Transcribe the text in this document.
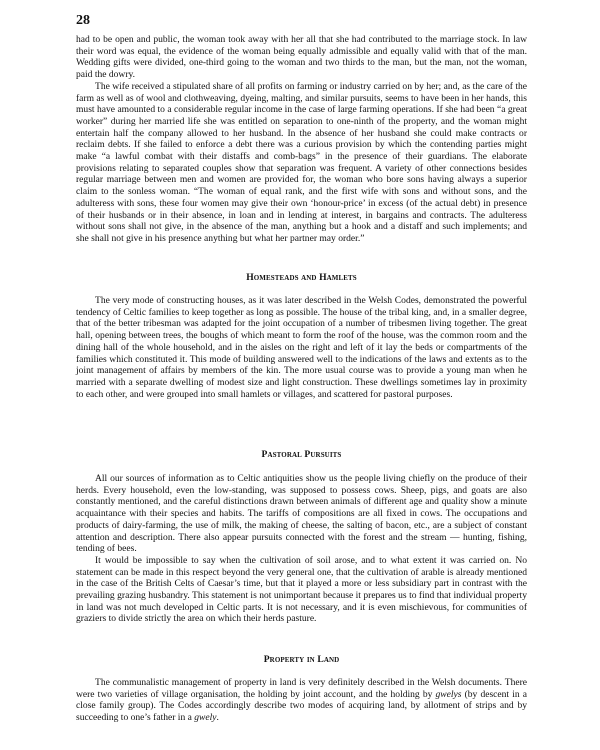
28

had to be open and public, the woman took away with her all that she had contributed to the marriage stock. In law their word was equal, the evidence of the woman being equally admissible and equally valid with that of the man. Wedding gifts were divided, one-third going to the woman and two thirds to the man, but the man, not the woman, paid the dowry.

The wife received a stipulated share of all profits on farming or industry carried on by her; and, as the care of the farm as well as of wool and clothweaving, dyeing, malting, and similar pursuits, seems to have been in her hands, this must have amounted to a considerable regular income in the case of large farming operations. If she had been “a great worker” during her married life she was entitled on separation to one-ninth of the property, and the woman might entertain half the company allowed to her husband. In the absence of her husband she could make contracts or reclaim debts. If she failed to enforce a debt there was a curious provision by which the contending parties might make “a lawful combat with their distaffs and comb-bags” in the presence of their guardians. The elaborate provisions relating to separated couples show that separation was frequent. A variety of other connections besides regular marriage between men and women are provided for, the woman who bore sons having always a superior claim to the sonless woman. “The woman of equal rank, and the first wife with sons and without sons, and the adulteress with sons, these four women may give their own ‘honour-price’ in excess (of the actual debt) in presence of their husbands or in their absence, in loan and in lending at interest, in bargains and contracts. The adulteress without sons shall not give, in the absence of the man, anything but a hook and a distaff and such implements; and she shall not give in his presence anything but what her partner may order.”

Homesteads and Hamlets

The very mode of constructing houses, as it was later described in the Welsh Codes, demonstrated the powerful tendency of Celtic families to keep together as long as possible. The house of the tribal king, and, in a smaller degree, that of the better tribesman was adapted for the joint occupation of a number of tribesmen living together. The great hall, opening between trees, the boughs of which meant to form the roof of the house, was the common room and the dining hall of the whole household, and in the aisles on the right and left of it lay the beds or compartments of the families which constituted it. This mode of building answered well to the indications of the laws and extents as to the joint management of affairs by members of the kin. The more usual course was to provide a young man when he married with a separate dwelling of modest size and light construction. These dwellings sometimes lay in proximity to each other, and were grouped into small hamlets or villages, and scattered for pastoral purposes.

Pastoral Pursuits

All our sources of information as to Celtic antiquities show us the people living chiefly on the produce of their herds. Every household, even the low-standing, was supposed to possess cows. Sheep, pigs, and goats are also constantly mentioned, and the careful distinctions drawn between animals of different age and quality show a minute acquaintance with their species and habits. The tariffs of compositions are all fixed in cows. The occupations and products of dairy-farming, the use of milk, the making of cheese, the salting of bacon, etc., are a subject of constant attention and description. There also appear pursuits connected with the forest and the stream — hunting, fishing, tending of bees.

It would be impossible to say when the cultivation of soil arose, and to what extent it was carried on. No statement can be made in this respect beyond the very general one, that the cultivation of arable is already mentioned in the case of the British Celts of Caesar’s time, but that it played a more or less subsidiary part in contrast with the prevailing grazing husbandry. This statement is not unimportant because it prepares us to find that individual property in land was not much developed in Celtic parts. It is not necessary, and it is even mischievous, for communities of graziers to divide strictly the area on which their herds pasture.

Property in Land

The communalistic management of property in land is very definitely described in the Welsh documents. There were two varieties of village organisation, the holding by joint account, and the holding by gwelys (by descent in a close family group). The Codes accordingly describe two modes of acquiring land, by allotment of strips and by succeeding to one’s father in a gwely.
